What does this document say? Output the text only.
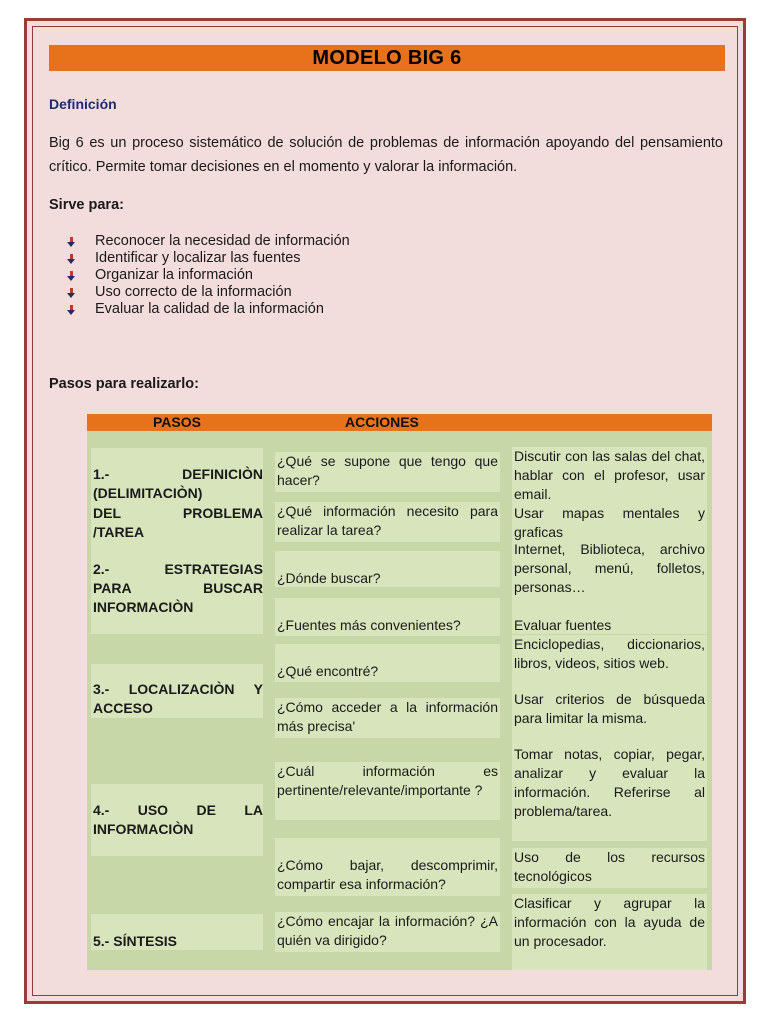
MODELO BIG 6
Definición
Big 6 es un proceso sistemático de solución de problemas de información apoyando del pensamiento crítico. Permite tomar decisiones en el momento y valorar la información.
Sirve para:
Reconocer la necesidad de información
Identificar y localizar las fuentes
Organizar la información
Uso correcto de la información
Evaluar la calidad de la información
Pasos para realizarlo:
PASOS	ACCIONES
1.- DEFINICIÒN
(DELIMITACIÒN)
DEL PROBLEMA
/TAREA
2.- ESTRATEGIAS
PARA BUSCAR
INFORMACIÒN
3.- LOCALIZACIÒN Y
ACCESO
4.- USO DE LA
INFORMACIÒN
5.- SÍNTESIS
¿Qué se supone que tengo que hacer?
¿Qué información necesito para realizar la tarea?
¿Dónde buscar?
¿Fuentes más convenientes?
¿Qué encontré?
¿Cómo acceder a la información más precisa'
¿Cuál información es pertinente/relevante/importante ?
¿Cómo bajar, descomprimir, compartir esa información?
¿Cómo encajar la información? ¿A quién va dirigido?
Discutir con las salas del chat, hablar con el profesor, usar email.
Usar mapas mentales y graficas
Internet, Biblioteca, archivo personal, menú, folletos, personas…
Evaluar fuentes
Enciclopedias, diccionarios, libros, videos, sitios web.
Usar criterios de búsqueda para limitar la misma.
Tomar notas, copiar, pegar, analizar y evaluar la información. Referirse al problema/tarea.
Uso de los recursos tecnológicos
Clasificar y agrupar la información con la ayuda de un procesador.
